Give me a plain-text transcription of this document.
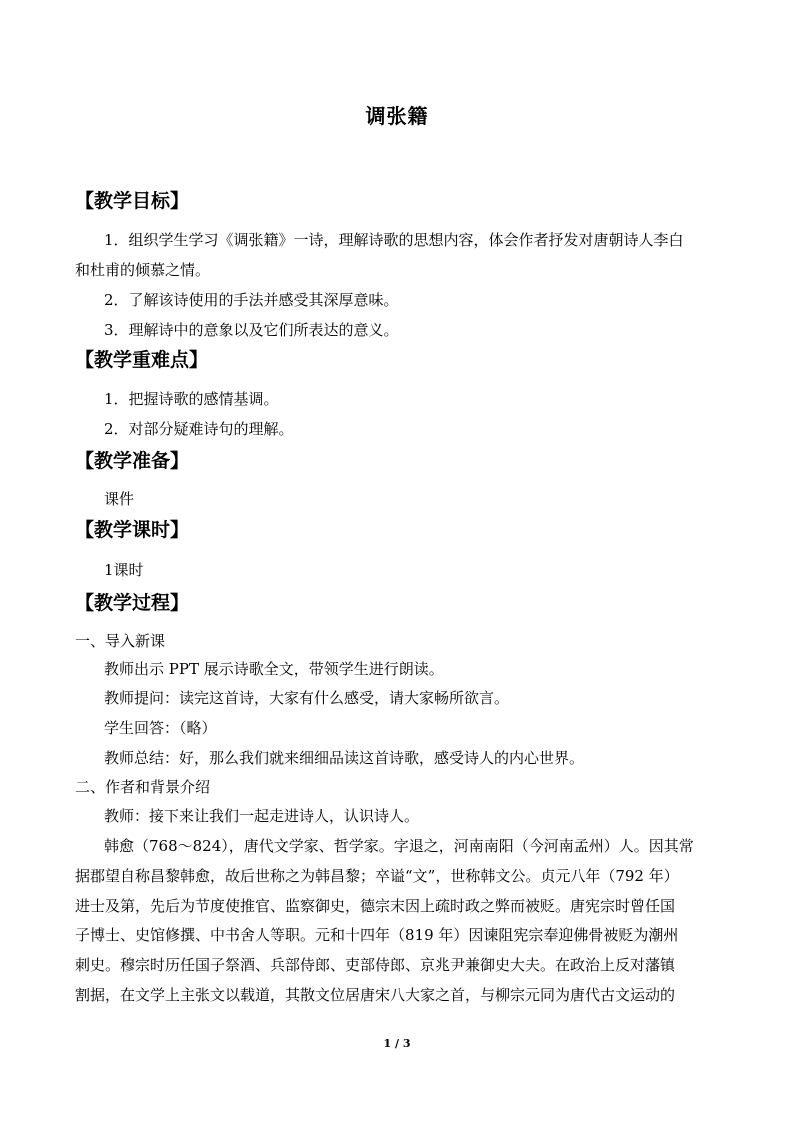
调张籍
【教学目标】
1．组织学生学习《调张籍》一诗，理解诗歌的思想内容，体会作者抒发对唐朝诗人李白
和杜甫的倾慕之情。
2．了解该诗使用的手法并感受其深厚意味。
3．理解诗中的意象以及它们所表达的意义。
【教学重难点】
1．把握诗歌的感情基调。
2．对部分疑难诗句的理解。
【教学准备】
课件
【教学课时】
1课时
【教学过程】
一、导入新课
教师出示 PPT 展示诗歌全文，带领学生进行朗读。
教师提问：读完这首诗，大家有什么感受，请大家畅所欲言。
学生回答：（略）
教师总结：好，那么我们就来细细品读这首诗歌，感受诗人的内心世界。
二、作者和背景介绍
教师：接下来让我们一起走进诗人，认识诗人。
韩愈（768～824），唐代文学家、哲学家。字退之，河南南阳（今河南孟州）人。因其常
据郡望自称昌黎韩愈，故后世称之为韩昌黎；卒谥“文”，世称韩文公。贞元八年（792 年）
进士及第，先后为节度使推官、监察御史，德宗末因上疏时政之弊而被贬。唐宪宗时曾任国
子博士、史馆修撰、中书舍人等职。元和十四年（819 年）因谏阻宪宗奉迎佛骨被贬为潮州
刺史。穆宗时历任国子祭酒、兵部侍郎、吏部侍郎、京兆尹兼御史大夫。在政治上反对藩镇
割据，在文学上主张文以载道，其散文位居唐宋八大家之首，与柳宗元同为唐代古文运动的
1 / 3
